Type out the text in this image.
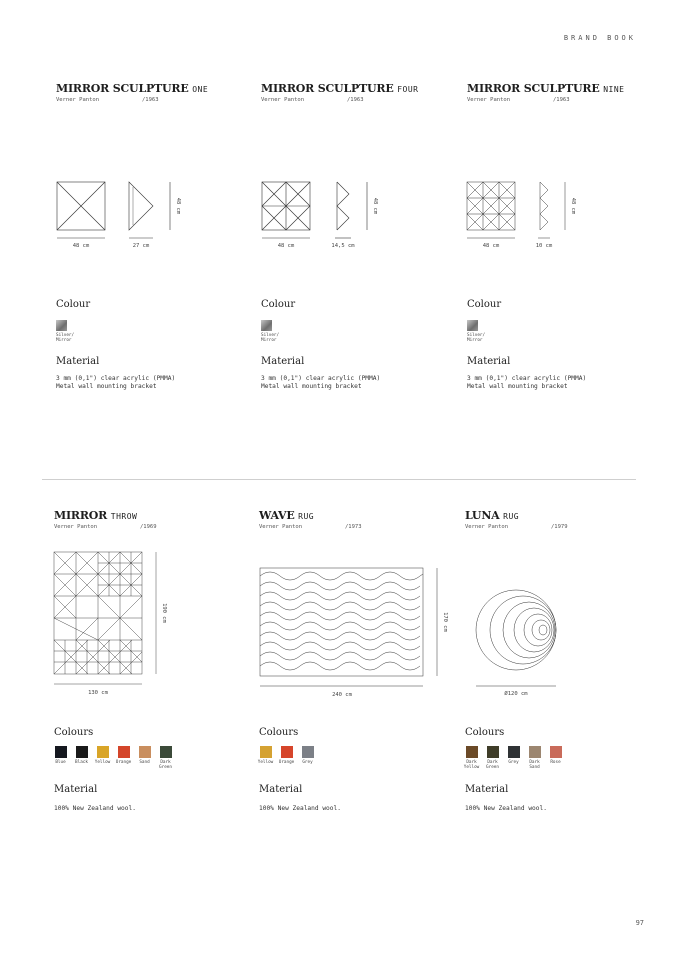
BRAND BOOK
MIRROR SCULPTURE ONE
Verner Panton	/1963
MIRROR SCULPTURE FOUR
Verner Panton	/1963
MIRROR SCULPTURE NINE
Verner Panton	/1963
48 cm	27 cm
48 cm
48 cm	14,5 cm
48 cm
48 cm	10 cm
48 cm
Colour	Colour	Colour
Silver/ Mirror
Silver/ Mirror
Silver/ Mirror
Material	Material	Material
3 mm (0,1") clear acrylic (PMMA)
Metal wall mounting bracket
3 mm (0,1") clear acrylic (PMMA)
Metal wall mounting bracket
3 mm (0,1") clear acrylic (PMMA)
Metal wall mounting bracket
MIRROR THROW
Verner Panton	/1969
WAVE RUG
Verner Panton	/1973
LUNA RUG
Verner Panton	/1979
130 cm
190 cm
240 cm
170 cm
Ø120 cm
Colours	Colours	Colours
Blue Black Yellow Orange Sand	Dark Green
Yellow Orange Grey	Dark Yellow
Dark Green
Grey	Dark Sand
Rose
Material	Material	Material
100% New Zealand wool.	100% New Zealand wool.	100% New Zealand wool.
97
